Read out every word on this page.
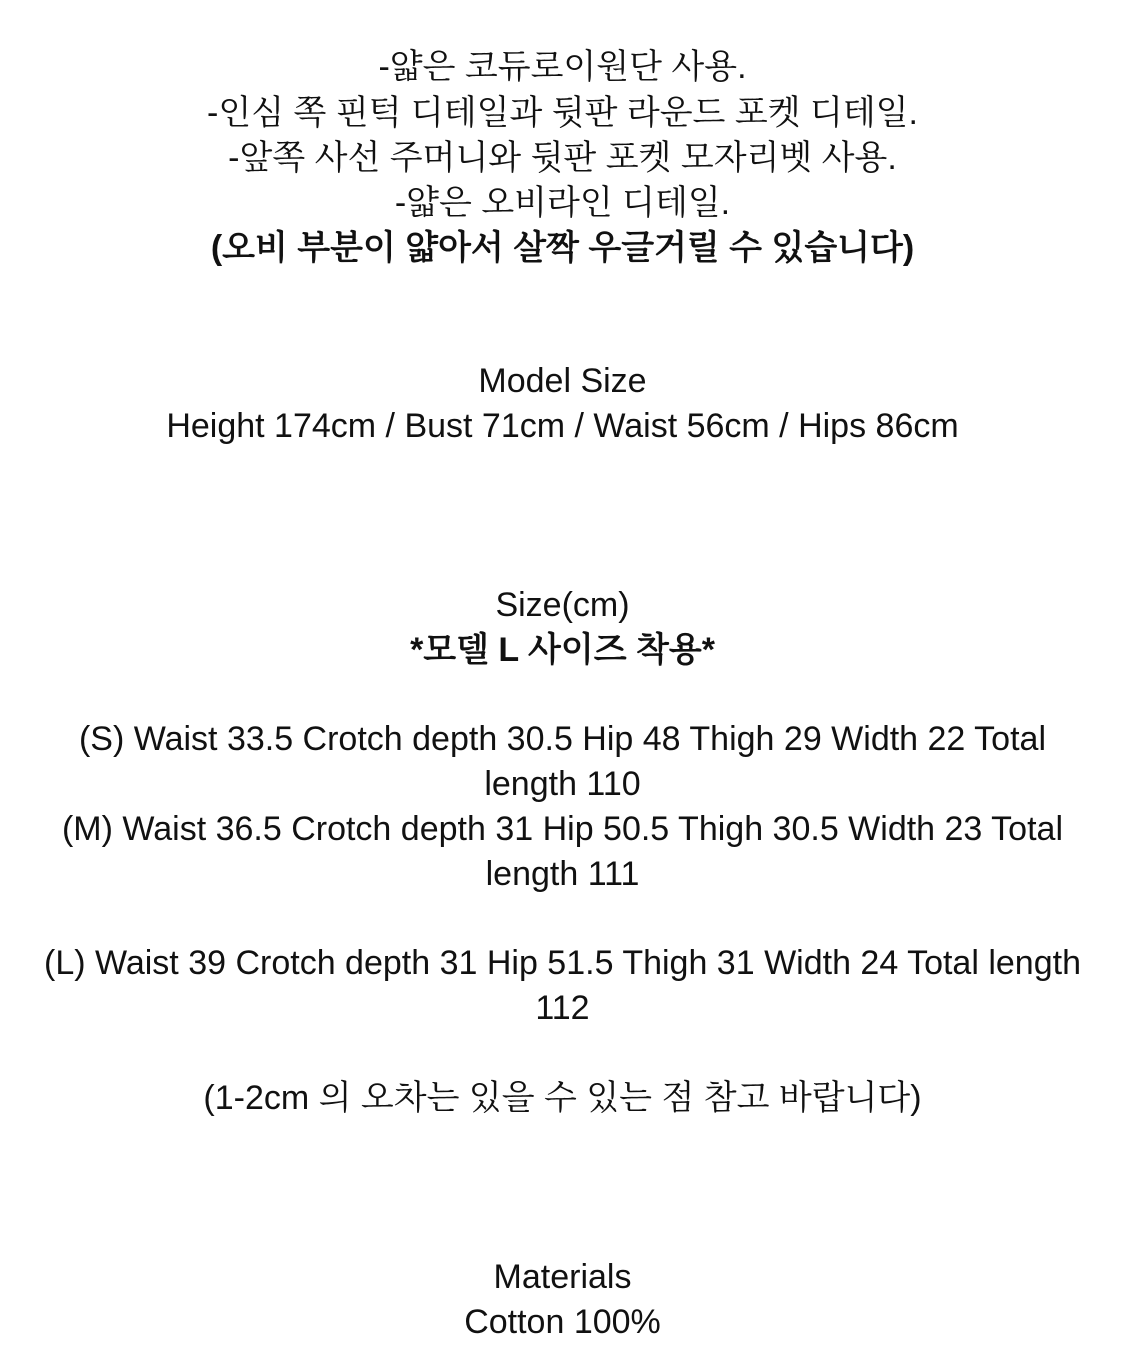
-얇은 코듀로이원단 사용.
-인심 쪽 핀턱 디테일과 뒷판 라운드 포켓 디테일.
-앞쪽 사선 주머니와 뒷판 포켓 모자리벳 사용.
-얇은 오비라인 디테일.
(오비 부분이 얇아서 살짝 우글거릴 수 있습니다)
Model Size
Height 174cm / Bust 71cm / Waist 56cm / Hips 86cm
Size(cm)
*모델 L 사이즈 착용*
(S) Waist 33.5 Crotch depth 30.5 Hip 48 Thigh 29 Width 22 Total
length 110
(M) Waist 36.5 Crotch depth 31 Hip 50.5 Thigh 30.5 Width 23 Total
length 111
(L) Waist 39 Crotch depth 31 Hip 51.5 Thigh 31 Width 24 Total length
112
(1-2cm 의 오차는 있을 수 있는 점 참고 바랍니다)
Materials
Cotton 100%
